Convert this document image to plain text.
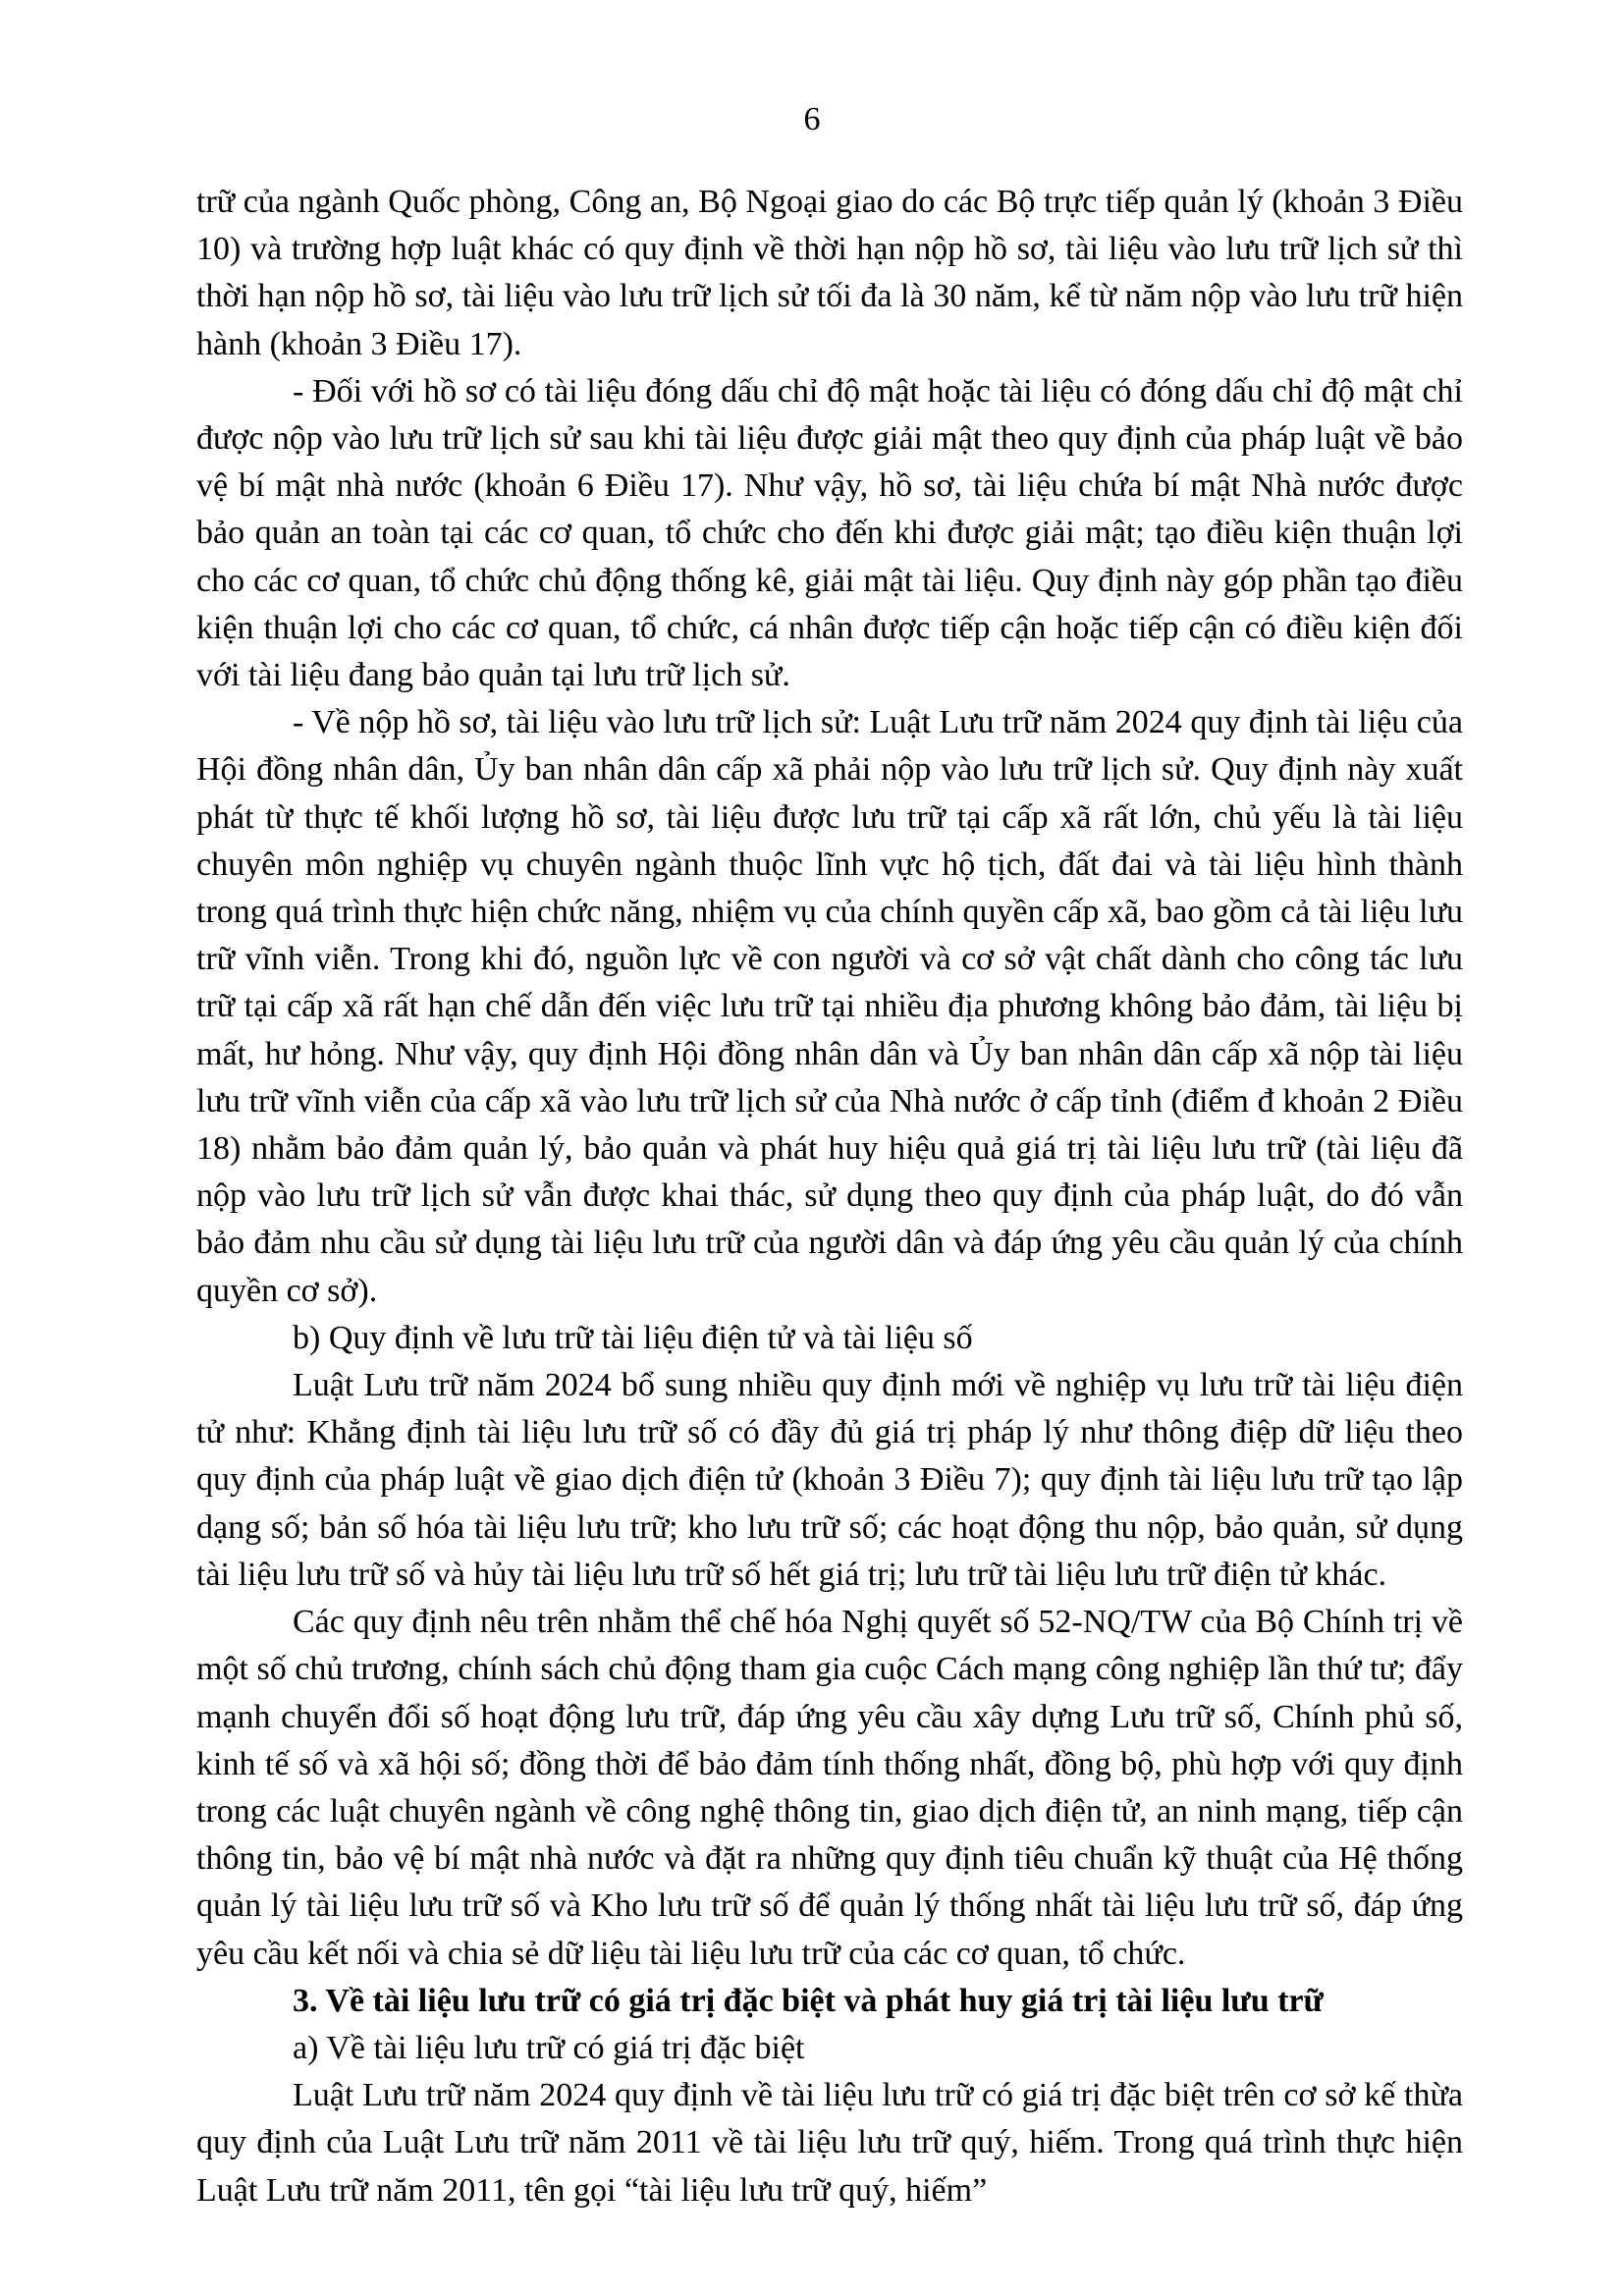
6

trữ của ngành Quốc phòng, Công an, Bộ Ngoại giao do các Bộ trực tiếp quản lý (khoản 3 Điều 10) và trường hợp luật khác có quy định về thời hạn nộp hồ sơ, tài liệu vào lưu trữ lịch sử thì thời hạn nộp hồ sơ, tài liệu vào lưu trữ lịch sử tối đa là 30 năm, kể từ năm nộp vào lưu trữ hiện hành (khoản 3 Điều 17).

- Đối với hồ sơ có tài liệu đóng dấu chỉ độ mật hoặc tài liệu có đóng dấu chỉ độ mật chỉ được nộp vào lưu trữ lịch sử sau khi tài liệu được giải mật theo quy định của pháp luật về bảo vệ bí mật nhà nước (khoản 6 Điều 17). Như vậy, hồ sơ, tài liệu chứa bí mật Nhà nước được bảo quản an toàn tại các cơ quan, tổ chức cho đến khi được giải mật; tạo điều kiện thuận lợi cho các cơ quan, tổ chức chủ động thống kê, giải mật tài liệu. Quy định này góp phần tạo điều kiện thuận lợi cho các cơ quan, tổ chức, cá nhân được tiếp cận hoặc tiếp cận có điều kiện đối với tài liệu đang bảo quản tại lưu trữ lịch sử.

- Về nộp hồ sơ, tài liệu vào lưu trữ lịch sử: Luật Lưu trữ năm 2024 quy định tài liệu của Hội đồng nhân dân, Ủy ban nhân dân cấp xã phải nộp vào lưu trữ lịch sử. Quy định này xuất phát từ thực tế khối lượng hồ sơ, tài liệu được lưu trữ tại cấp xã rất lớn, chủ yếu là tài liệu chuyên môn nghiệp vụ chuyên ngành thuộc lĩnh vực hộ tịch, đất đai và tài liệu hình thành trong quá trình thực hiện chức năng, nhiệm vụ của chính quyền cấp xã, bao gồm cả tài liệu lưu trữ vĩnh viễn. Trong khi đó, nguồn lực về con người và cơ sở vật chất dành cho công tác lưu trữ tại cấp xã rất hạn chế dẫn đến việc lưu trữ tại nhiều địa phương không bảo đảm, tài liệu bị mất, hư hỏng. Như vậy, quy định Hội đồng nhân dân và Ủy ban nhân dân cấp xã nộp tài liệu lưu trữ vĩnh viễn của cấp xã vào lưu trữ lịch sử của Nhà nước ở cấp tỉnh (điểm đ khoản 2 Điều 18) nhằm bảo đảm quản lý, bảo quản và phát huy hiệu quả giá trị tài liệu lưu trữ (tài liệu đã nộp vào lưu trữ lịch sử vẫn được khai thác, sử dụng theo quy định của pháp luật, do đó vẫn bảo đảm nhu cầu sử dụng tài liệu lưu trữ của người dân và đáp ứng yêu cầu quản lý của chính quyền cơ sở).

b) Quy định về lưu trữ tài liệu điện tử và tài liệu số

Luật Lưu trữ năm 2024 bổ sung nhiều quy định mới về nghiệp vụ lưu trữ tài liệu điện tử như: Khẳng định tài liệu lưu trữ số có đầy đủ giá trị pháp lý như thông điệp dữ liệu theo quy định của pháp luật về giao dịch điện tử (khoản 3 Điều 7); quy định tài liệu lưu trữ tạo lập dạng số; bản số hóa tài liệu lưu trữ; kho lưu trữ số; các hoạt động thu nộp, bảo quản, sử dụng tài liệu lưu trữ số và hủy tài liệu lưu trữ số hết giá trị; lưu trữ tài liệu lưu trữ điện tử khác.

Các quy định nêu trên nhằm thể chế hóa Nghị quyết số 52-NQ/TW của Bộ Chính trị về một số chủ trương, chính sách chủ động tham gia cuộc Cách mạng công nghiệp lần thứ tư; đẩy mạnh chuyển đổi số hoạt động lưu trữ, đáp ứng yêu cầu xây dựng Lưu trữ số, Chính phủ số, kinh tế số và xã hội số; đồng thời để bảo đảm tính thống nhất, đồng bộ, phù hợp với quy định trong các luật chuyên ngành về công nghệ thông tin, giao dịch điện tử, an ninh mạng, tiếp cận thông tin, bảo vệ bí mật nhà nước và đặt ra những quy định tiêu chuẩn kỹ thuật của Hệ thống quản lý tài liệu lưu trữ số và Kho lưu trữ số để quản lý thống nhất tài liệu lưu trữ số, đáp ứng yêu cầu kết nối và chia sẻ dữ liệu tài liệu lưu trữ của các cơ quan, tổ chức.

3. Về tài liệu lưu trữ có giá trị đặc biệt và phát huy giá trị tài liệu lưu trữ

a) Về tài liệu lưu trữ có giá trị đặc biệt

Luật Lưu trữ năm 2024 quy định về tài liệu lưu trữ có giá trị đặc biệt trên cơ sở kế thừa quy định của Luật Lưu trữ năm 2011 về tài liệu lưu trữ quý, hiếm. Trong quá trình thực hiện Luật Lưu trữ năm 2011, tên gọi “tài liệu lưu trữ quý, hiếm”
